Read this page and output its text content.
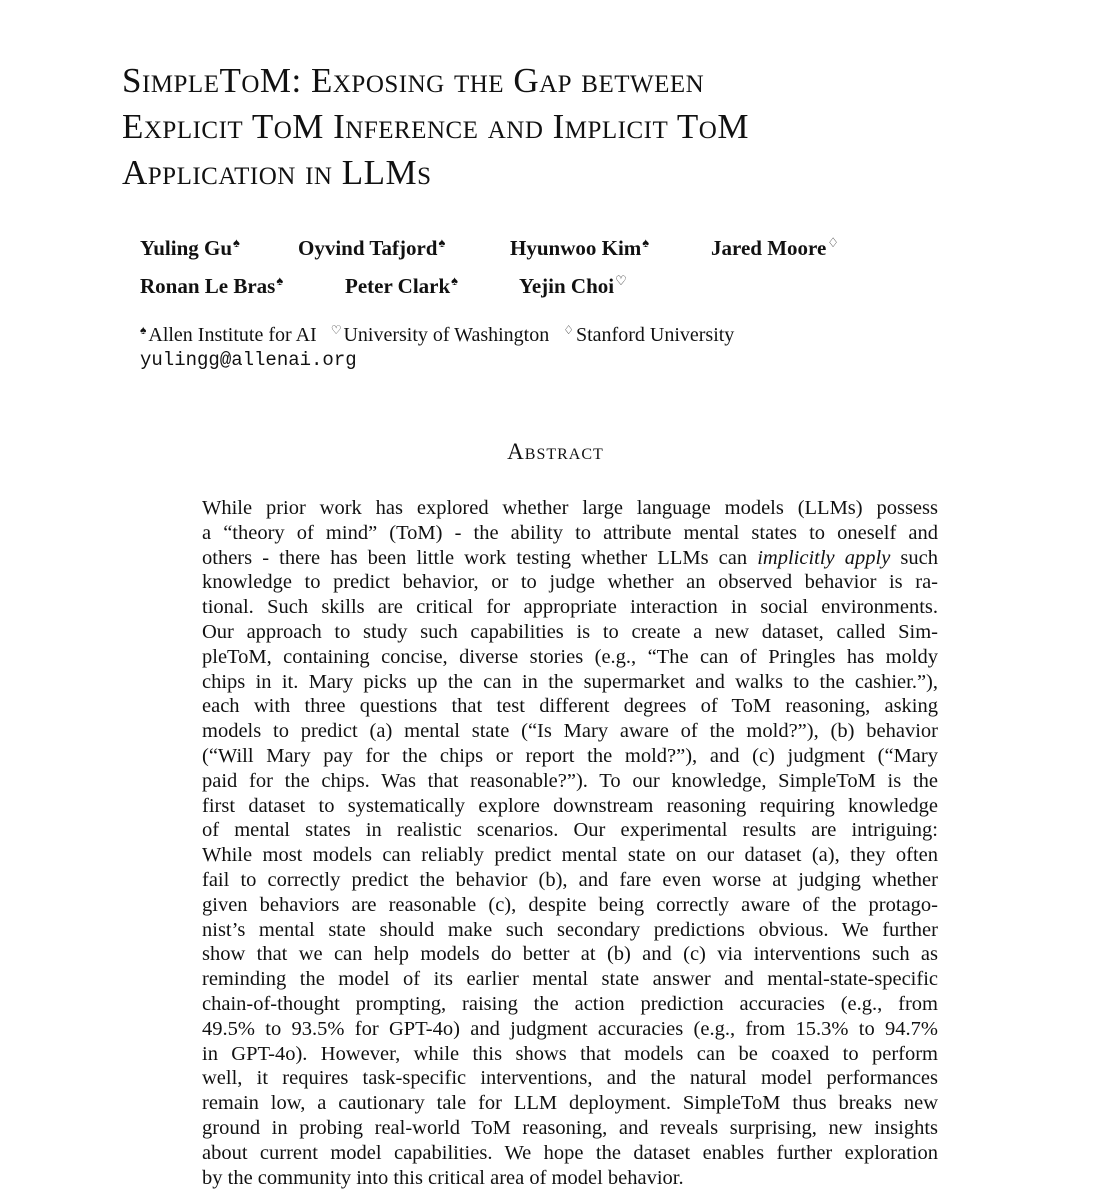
SimpleToM: Exposing the Gap between
Explicit ToM Inference and Implicit ToM
Application in LLMs
Yuling Gu♠	Oyvind Tafjord♠	Hyunwoo Kim♠	Jared Moore♢
Ronan Le Bras♠	Peter Clark♠	Yejin Choi♡
♠ Allen Institute for AI ♡ University of Washington ♢ Stanford University
yulingg@allenai.org
Abstract
While prior work has explored whether large language models (LLMs) possess
a “theory of mind” (ToM) - the ability to attribute mental states to oneself and
others - there has been little work testing whether LLMs can implicitly apply such
knowledge to predict behavior, or to judge whether an observed behavior is ra-
tional. Such skills are critical for appropriate interaction in social environments.
Our approach to study such capabilities is to create a new dataset, called Sim-
pleToM, containing concise, diverse stories (e.g., “The can of Pringles has moldy
chips in it. Mary picks up the can in the supermarket and walks to the cashier.”),
each with three questions that test different degrees of ToM reasoning, asking
models to predict (a) mental state (“Is Mary aware of the mold?”), (b) behavior
(“Will Mary pay for the chips or report the mold?”), and (c) judgment (“Mary
paid for the chips. Was that reasonable?”). To our knowledge, SimpleToM is the
first dataset to systematically explore downstream reasoning requiring knowledge
of mental states in realistic scenarios. Our experimental results are intriguing:
While most models can reliably predict mental state on our dataset (a), they often
fail to correctly predict the behavior (b), and fare even worse at judging whether
given behaviors are reasonable (c), despite being correctly aware of the protago-
nist’s mental state should make such secondary predictions obvious. We further
show that we can help models do better at (b) and (c) via interventions such as
reminding the model of its earlier mental state answer and mental-state-specific
chain-of-thought prompting, raising the action prediction accuracies (e.g., from
49.5% to 93.5% for GPT-4o) and judgment accuracies (e.g., from 15.3% to 94.7%
in GPT-4o). However, while this shows that models can be coaxed to perform
well, it requires task-specific interventions, and the natural model performances
remain low, a cautionary tale for LLM deployment. SimpleToM thus breaks new
ground in probing real-world ToM reasoning, and reveals surprising, new insights
about current model capabilities. We hope the dataset enables further exploration
by the community into this critical area of model behavior.
